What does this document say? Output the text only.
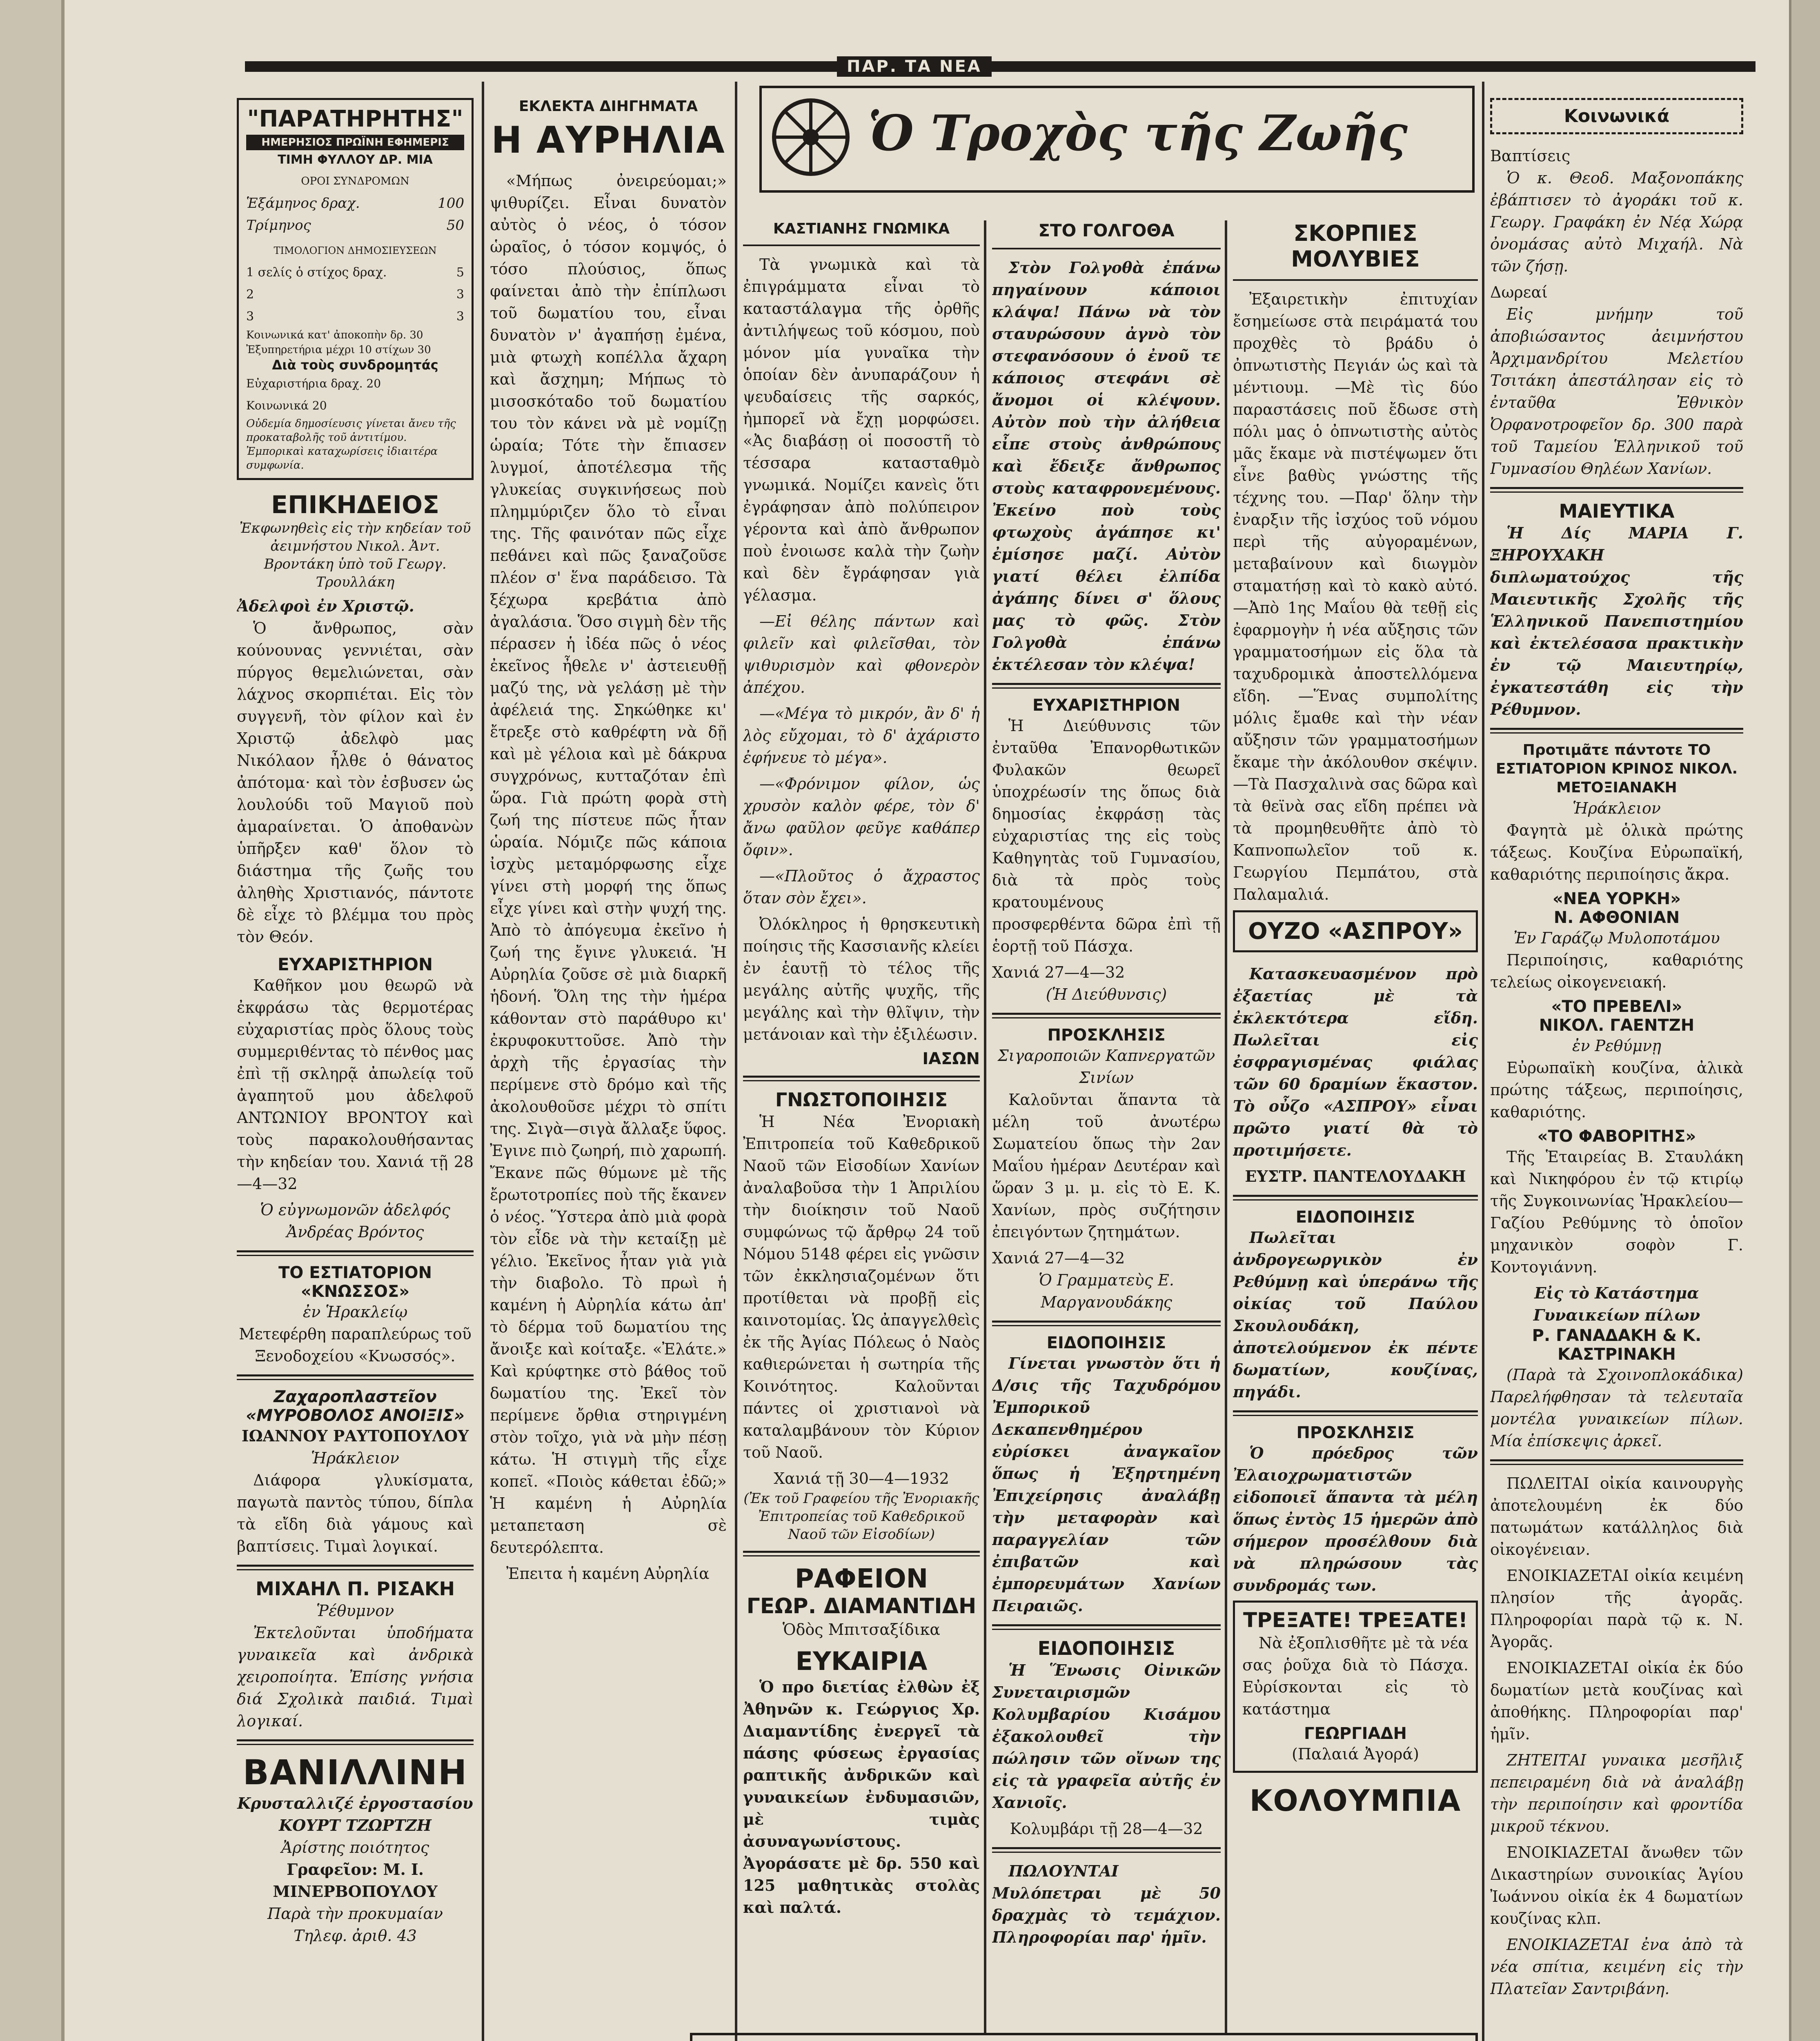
ΠΑΡ. ΤΑ ΝΕΑ
"ΠΑΡΑΤΗΡΗΤΗΣ"
ΗΜΕΡΗΣΙΟΣ ΠΡΩΪΝΗ ΕΦΗΜΕΡΙΣ
ΤΙΜΗ ΦΥΛΛΟΥ ΔΡ. ΜΙΑ
ΟΡΟΙ ΣΥΝΔΡΟΜΩΝ
Ἑξάμηνος δραχ.	100
Τρίμηνος	50
ΤΙΜΟΛΟΓΙΟΝ ΔΗΜΟΣΙΕΥΣΕΩΝ
1 σελίς ὁ στίχος δραχ.	5
2	3
3	3
Κοινωνικά κατ' ἀποκοπὴν δρ. 30
Ἐξυπηρετήρια μέχρι 10 στίχων 30
Διὰ τοὺς συνδρομητάς
Εὐχαριστήρια δραχ. 20
Κοινωνικά 20
Οὐδεμία δημοσίευσις γίνεται ἄνευ τῆς προκαταβολῆς τοῦ ἀντιτίμου. Ἐμπορικαὶ καταχωρίσεις ἰδιαιτέρα συμφωνία.
ΕΠΙΚΗΔΕΙΟΣ
Ἐκφωνηθεὶς εἰς τὴν κηδείαν τοῦ ἀειμνήστου Νικολ. Ἀντ. Βροντάκη ὑπὸ τοῦ Γεωργ. Τρουλλάκη
Ἀδελφοὶ ἐν Χριστῷ.

Ὁ ἄνθρωπος, σὰν κούνουνας γεννιέται, σὰν πύργος θεμελιώνεται, σὰν λάχνος σκορπιέται. Εἰς τὸν συγγενῆ, τὸν φίλον καὶ ἐν Χριστῷ ἀδελφὸ μας Νικόλαον ἦλθε ὁ θάνατος ἀπότομα· καὶ τὸν ἐσβυσεν ὡς λουλούδι τοῦ Μαγιοῦ ποὺ ἀμαραίνεται. Ὁ ἀποθανὼν ὑπῆρξεν καθ' ὅλον τὸ διάστημα τῆς ζωῆς του ἀληθὴς Χριστιανός, πάντοτε δὲ εἶχε τὸ βλέμμα του πρὸς τὸν Θεόν.

ΕΥΧΑΡΙΣΤΗΡΙΟΝ

Καθῆκον μου θεωρῶ νὰ ἐκφράσω τὰς θερμοτέρας εὐχαριστίας πρὸς ὅλους τοὺς συμμεριθέντας τὸ πένθος μας ἐπὶ τῇ σκληρᾷ ἀπωλείᾳ τοῦ ἀγαπητοῦ μου ἀδελφοῦ ΑΝΤΩΝΙΟΥ ΒΡΟΝΤΟΥ καὶ τοὺς παρακολουθήσαντας τὴν κηδείαν του. Χανιά τῇ 28—4—32

Ὁ εὐγνωμονῶν ἀδελφός Ἀνδρέας Βρόντος
ΤΟ ΕΣΤΙΑΤΟΡΙΟΝ «ΚΝΩΣΣΟΣ»
ἐν Ἡρακλείῳ
Μετεφέρθη παραπλεύρως τοῦ Ξενοδοχείου «Κνωσσός».
Ζαχαροπλαστεῖον «ΜΥΡΟΒΟΛΟΣ ΑΝΟΙΞΙΣ»
ΙΩΑΝΝΟΥ ΡΑΥΤΟΠΟΥΛΟΥ
Ἡράκλειον

Διάφορα γλυκίσματα, παγωτὰ παντὸς τύπου, δίπλα τὰ εἴδη διὰ γάμους καὶ βαπτίσεις. Τιμαὶ λογικαί.

ΜΙΧΑΗΛ Π. ΡΙΣΑΚΗ
Ῥέθυμνον

Ἐκτελοῦνται ὑποδήματα γυναικεῖα καὶ ἀνδρικὰ χειροποίητα. Ἐπίσης γνήσια διά Σχολικὰ παιδιά. Τιμαὶ λογικαί.

ΒΑΝΙΛΛΙΝΗ
Κρυσταλλιζέ ἐργοστασίου ΚΟΥΡΤ ΤΖΩΡΤΖΗ
Ἀρίστης ποιότητος
Γραφεῖον: Μ. Ι. ΜΙΝΕΡΒΟΠΟΥΛΟΥ
Παρὰ τὴν προκυμαίαν
Τηλεφ. ἀριθ. 43
ΕΚΛΕΚΤΑ ΔΙΗΓΗΜΑΤΑ
Η ΑΥΡΗΛΙΑ

«Μήπως ὀνειρεύομαι;» ψιθυρίζει. Εἶναι δυνατὸν αὐτὸς ὁ νέος, ὁ τόσον ὡραῖος, ὁ τόσον κομψός, ὁ τόσο πλούσιος, ὅπως φαίνεται ἀπὸ τὴν ἐπίπλωσι τοῦ δωματίου του, εἶναι δυνατὸν ν' ἀγαπήσῃ ἐμένα, μιὰ φτωχὴ κοπέλλα ἄχαρη καὶ ἄσχημη; Μήπως τὸ μισοσκόταδο τοῦ δωματίου του τὸν κάνει νὰ μὲ νομίζῃ ὡραία; Τότε τὴν ἔπιασεν λυγμοί, ἀποτέλεσμα τῆς γλυκείας συγκινήσεως ποὺ πλημμύριζεν ὅλο τὸ εἶναι της. Τῆς φαινόταν πῶς εἶχε πεθάνει καὶ πῶς ξαναζοῦσε πλέον σ' ἕνα παράδεισο. Τὰ ξέχωρα κρεβάτια ἀπὸ ἀγαλάσια. Ὅσο σιγμὴ δὲν τῆς πέρασεν ἡ ἰδέα πῶς ὁ νέος ἐκεῖνος ἦθελε ν' ἀστειευθῇ μαζύ της, νὰ γελάσῃ μὲ τὴν ἀφέλειά της. Σηκώθηκε κι' ἔτρεξε στὸ καθρέφτη νὰ δῇ καὶ μὲ γέλοια καὶ μὲ δάκρυα συγχρόνως, κυτταζόταν ἐπὶ ὥρα. Γιὰ πρώτη φορὰ στὴ ζωή της πίστευε πῶς ἦταν ὡραία. Νόμιζε πῶς κάποια ἰσχὺς μεταμόρφωσης εἶχε γίνει στὴ μορφή της ὅπως εἶχε γίνει καὶ στὴν ψυχή της. Ἀπὸ τὸ ἀπόγευμα ἐκεῖνο ἡ ζωή της ἔγινε γλυκειά. Ἡ Αὐρηλία ζοῦσε σὲ μιὰ διαρκῆ ἡδονή. Ὅλη της τὴν ἡμέρα κάθονταν στὸ παράθυρο κι' ἐκρυφοκυττοῦσε. Ἀπὸ τὴν ἀρχὴ τῆς ἐργασίας τὴν περίμενε στὸ δρόμο καὶ τῆς ἀκολουθοῦσε μέχρι τὸ σπίτι της. Σιγὰ—σιγὰ ἄλλαξε ὕφος. Ἐγινε πιὸ ζωηρή, πιὸ χαρωπή. Ἔκανε πῶς θύμωνε μὲ τῆς ἔρωτοτροπίες ποὺ τῆς ἔκανεν ὁ νέος. Ὕστερα ἀπὸ μιὰ φορὰ τὸν εἶδε νὰ τὴν κεταίξῃ μὲ γέλιο. Ἐκεῖνος ἦταν γιὰ γιὰ τὴν διαβολο. Τὸ πρωὶ ἡ καμένη ἡ Αὐρηλία κάτω ἀπ' τὸ δέρμα τοῦ δωματίου της ἄνοιξε καὶ κοίταξε. «Ἐλάτε.» Καὶ κρύφτηκε στὸ βάθος τοῦ δωματίου της. Ἐκεῖ τὸν περίμενε ὄρθια στηριγμένη στὸν τοῖχο, γιὰ νὰ μὴν πέσῃ κάτω. Ἡ στιγμὴ τῆς εἶχε κοπεῖ. «Ποιὸς κάθεται ἐδῶ;» Ἡ καμένη ἡ Αὐρηλία μεταπεταση σὲ δευτερόλεπτα.

Ἐπειτα ἡ καμένη Αὐρηλία

Ὁ Τροχὸς τῆς Ζωῆς
ΚΑΣΤΙΑΝΗΣ ΓΝΩΜΙΚΑ

Τὰ γνωμικὰ καὶ τὰ ἐπιγράμματα εἶναι τὸ καταστάλαγμα τῆς ὀρθῆς ἀντιλήψεως τοῦ κόσμου, ποὺ μόνον μία γυναῖκα τὴν ὁποίαν δὲν ἀνυπαράζουν ἡ ψευδαίσεις τῆς σαρκός, ἠμπορεῖ νὰ ἔχῃ μορφώσει. «Ἀς διαβάσῃ οἱ ποσοστῆ τὸ τέσσαρα κατασταθμὸ γνωμικά. Νομίζει κανεὶς ὅτι ἐγράφησαν ἀπὸ πολύπειρον γέροντα καὶ ἀπὸ ἄνθρωπον ποὺ ἐνοιωσε καλὰ τὴν ζωὴν καὶ δὲν ἔγράφησαν γιὰ γέλασμα.

—Εἰ θέλης πάντων καὶ φιλεῖν καὶ φιλεῖσθαι, τὸν ψιθυρισμὸν καὶ φθονερὸν ἀπέχου.

—«Μέγα τὸ μικρόν, ἂν δ' ἡ λὸς εὔχομαι, τὸ δ' ἀχάριστο ἐφήνευε τὸ μέγα».

—«Φρόνιμον φίλον, ὡς χρυσὸν καλὸν φέρε, τὸν δ' ἄνω φαῦλον φεῦγε καθάπερ ὄφιν».

—«Πλοῦτος ὁ ἄχραστος ὅταν σὸν ἔχει».

Ὀλόκληρος ἡ θρησκευτικὴ ποίησις τῆς Κασσιανῆς κλείει ἐν ἑαυτῇ τὸ τέλος τῆς μεγάλης αὐτῆς ψυχῆς, τῆς μεγάλης καὶ τὴν θλῖψιν, τὴν μετάνοιαν καὶ τὴν ἐξιλέωσιν.

ΙΑΣΩΝ
ΓΝΩΣΤΟΠΟΙΗΣΙΣ

Ἡ Νέα Ἐνοριακὴ Ἐπιτροπεία τοῦ Καθεδρικοῦ Ναοῦ τῶν Εἰσοδίων Χανίων ἀναλαβοῦσα τὴν 1 Ἀπριλίου τὴν διοίκησιν τοῦ Ναοῦ συμφώνως τῷ ἄρθρῳ 24 τοῦ Νόμου 5148 φέρει εἰς γνῶσιν τῶν ἐκκλησιαζομένων ὅτι προτίθεται νὰ προβῇ εἰς καινοτομίας. Ὡς ἀπαγγελθεὶς ἐκ τῆς Ἀγίας Πόλεως ὁ Ναὸς καθιερώνεται ἡ σωτηρία τῆς Κοινότητος. Καλοῦνται πάντες οἱ χριστιανοὶ νὰ καταλαμβάνουν τὸν Κύριον τοῦ Ναοῦ.

Χανιά τῇ 30—4—1932
(Ἐκ τοῦ Γραφείου τῆς Ἐνοριακῆς Ἐπιτροπείας τοῦ Καθεδρικοῦ Ναοῦ τῶν Εἰσοδίων)
ΡΑΦΕΙΟΝ
ΓΕΩΡ. ΔΙΑΜΑΝΤΙΔΗ
Ὁδὸς Μπιτσαξίδικα
ΕΥΚΑΙΡΙΑ

Ὁ προ διετίας ἐλθὼν ἐξ Ἀθηνῶν κ. Γεώργιος Χρ. Διαμαντίδης ἐνεργεῖ τὰ πάσης φύσεως ἐργασίας ραπτικῆς ἀνδρικῶν καὶ γυναικείων ἐνδυμασιῶν, μὲ τιμὰς ἀσυναγωνίστους. Ἀγοράσατε μὲ δρ. 550 καὶ 125 μαθητικὰς στολὰς καὶ παλτά.

ΣΤΟ ΓΟΛΓΟΘΑ

Στὸν Γολγοθὰ ἐπάνω πηγαίνουν κάποιοι κλάψα! Πάνω νὰ τὸν σταυρώσουν ἀγνὸ τὸν στεφανόσουν ὁ ἐνοῦ τε κάποιος στεφάνι σὲ ἄνομοι οἱ κλέψουν. Αὐτὸν ποὺ τὴν ἀλήθεια εἶπε στοὺς ἀνθρώπους καὶ ἔδειξε ἄνθρωπος στοὺς καταφρονεμένους. Ἐκείνο ποὺ τοὺς φτωχοὺς ἀγάπησε κι' ἐμίσησε μαζί. Αὐτὸν γιατί θέλει ἐλπίδα ἀγάπης δίνει σ' ὅλους μας τὸ φῶς. Στὸν Γολγοθὰ ἐπάνω ἐκτέλεσαν τὸν κλέψα!

ΕΥΧΑΡΙΣΤΗΡΙΟΝ

Ἡ Διεύθυνσις τῶν ἐνταῦθα Ἐπανορθωτικῶν Φυλακῶν θεωρεῖ ὑποχρέωσίν της ὅπως διὰ δημοσίας ἐκφράσῃ τὰς εὐχαριστίας της εἰς τοὺς Καθηγητὰς τοῦ Γυμνασίου, διὰ τὰ πρὸς τοὺς κρατουμένους προσφερθέντα δῶρα ἐπὶ τῇ ἑορτῇ τοῦ Πάσχα.

Χανιά 27—4—32
(Ἡ Διεύθυνσις)
ΠΡΟΣΚΛΗΣΙΣ
Σιγαροποιῶν Καπνεργατῶν Σινίων

Καλοῦνται ἅπαντα τὰ μέλη τοῦ ἀνωτέρω Σωματείου ὅπως τὴν 2αν Μαΐου ἡμέραν Δευτέραν καὶ ὥραν 3 μ. μ. εἰς τὸ Ε. Κ. Χανίων, πρὸς συζήτησιν ἐπειγόντων ζητημάτων.

Χανιά 27—4—32
Ὁ Γραμματεὺς Ε. Μαργανουδάκης
ΕΙΔΟΠΟΙΗΣΙΣ

Γίνεται γνωστὸν ὅτι ἡ Δ/σις τῆς Ταχυδρόμου Ἐμπορικοῦ Δεκαπενθημέρου εὐρίσκει ἀναγκαῖον ὅπως ἡ Ἐξηρτημένη Ἐπιχείρησις ἀναλάβῃ τὴν μεταφορὰν καὶ παραγγελίαν τῶν ἐπιβατῶν καὶ ἐμπορευμάτων Χανίων Πειραιῶς.

ΕΙΔΟΠΟΙΗΣΙΣ

Ἡ Ἕνωσις Οἰνικῶν Συνεταιρισμῶν Κολυμβαρίου Κισάμου ἐξακολουθεῖ τὴν πώλησιν τῶν οἴνων της εἰς τὰ γραφεῖα αὐτῆς ἐν Χανιοῖς.

Κολυμβάρι τῇ 28—4—32

ΠΩΛΟΥΝΤΑΙ Μυλόπετραι μὲ 50 δραχμὰς τὸ τεμάχιον. Πληροφορίαι παρ' ἡμῖν.

ΣΚΟΡΠΙΕΣ ΜΟΛΥΒΙΕΣ

Ἐξαιρετικὴν ἐπιτυχίαν ἔσημείωσε στὰ πειράματά του προχθὲς τὸ βράδυ ὁ ὀπνωτιστὴς Πεγιάν ὡς καὶ τὰ μέντιουμ. —Μὲ τὶς δύο παραστάσεις ποῦ ἔδωσε στὴ πόλι μας ὁ ὀπνωτιστὴς αὐτὸς μᾶς ἔκαμε νὰ πιστέψωμεν ὅτι εἶνε βαθὺς γνώστης τῆς τέχνης του. —Παρ' ὅλην τὴν ἐναρξιν τῆς ἰσχύος τοῦ νόμου περὶ τῆς αὐγοραμένων, μεταβαίνουν καὶ διωγμὸν σταματήσῃ καὶ τὸ κακὸ αὐτό. —Ἀπὸ 1ης Μαΐου θὰ τεθῇ εἰς ἐφαρμογὴν ἡ νέα αὔξησις τῶν γραμματοσήμων εἰς ὅλα τὰ ταχυδρομικὰ ἀποστελλόμενα εἴδη. —Ἕνας συμπολίτης μόλις ἔμαθε καὶ τὴν νέαν αὔξησιν τῶν γραμματοσήμων ἔκαμε τὴν ἀκόλουθον σκέψιν. —Τὰ Πασχαλινὰ σας δῶρα καὶ τὰ θεϊνὰ σας εἴδη πρέπει νὰ τὰ προμηθευθῆτε ἀπὸ τὸ Καπνοπωλεῖον τοῦ κ. Γεωργίου Πεμπάτου, στὰ Παλαμαλιά.

ΟΥΖΟ «ΑΣΠΡΟΥ»

Κατασκευασμένον πρὸ ἐξαετίας μὲ τὰ ἐκλεκτότερα εἴδη. Πωλεῖται εἰς ἐσφραγισμένας φιάλας τῶν 60 δραμίων ἕκαστον. Τὸ οὖζο «ΑΣΠΡΟΥ» εἶναι πρῶτο γιατί θὰ τὸ προτιμήσετε.

ΕΥΣΤΡ. ΠΑΝΤΕΛΟΥΔΑΚΗ
ΕΙΔΟΠΟΙΗΣΙΣ

Πωλεῖται ἀνδρογεωργικὸν ἐν Ρεθύμνῃ καὶ ὑπεράνω τῆς οἰκίας τοῦ Παύλου Σκουλουδάκη, ἀποτελούμενον ἐκ πέντε δωματίων, κουζίνας, πηγάδι.

ΠΡΟΣΚΛΗΣΙΣ

Ὁ πρόεδρος τῶν Ἐλαιοχρωματιστῶν εἰδοποιεῖ ἅπαντα τὰ μέλη ὅπως ἐντὸς 15 ἡμερῶν ἀπὸ σήμερον προσέλθουν διὰ νὰ πληρώσουν τὰς συνδρομάς των.

ΤΡΕΞΑΤΕ! ΤΡΕΞΑΤΕ!

Νὰ ἐξοπλισθῆτε μὲ τὰ νέα σας ῥοῦχα διὰ τὸ Πάσχα. Εὐρίσκονται εἰς τὸ κατάστημα

ΓΕΩΡΓΙΑΔΗ
(Παλαιά Ἀγορά)
ΚΟΛΟΥΜΠΙΑ
Κοινωνικά
Βαπτίσεις

Ὁ κ. Θεοδ. Μαξονοπάκης ἐβάπτισεν τὸ ἀγοράκι τοῦ κ. Γεωργ. Γραφάκη ἐν Νέᾳ Χώρᾳ ὀνομάσας αὐτὸ Μιχαήλ. Νὰ τῶν ζήσῃ.

Δωρεαί

Εἰς μνήμην τοῦ ἀποβιώσαντος ἀειμνήστου Ἀρχιμανδρίτου Μελετίου Τσιτάκη ἀπεστάλησαν εἰς τὸ ἐνταῦθα Ἐθνικὸν Ὀρφανοτροφεῖον δρ. 300 παρὰ τοῦ Ταμείου Ἑλληνικοῦ τοῦ Γυμνασίου Θηλέων Χανίων.

ΜΑΙΕΥΤΙΚΑ

Ἡ Δίς ΜΑΡΙΑ Γ. ΞΗΡΟΥΧΑΚΗ διπλωματούχος τῆς Μαιευτικῆς Σχολῆς τῆς Ἑλληνικοῦ Πανεπιστημίου καὶ ἐκτελέσασα πρακτικὴν ἐν τῷ Μαιευτηρίῳ, ἐγκατεστάθη εἰς τὴν Ρέθυμνον.

Προτιμᾶτε πάντοτε ΤΟ ΕΣΤΙΑΤΟΡΙΟΝ ΚΡΙΝΟΣ ΝΙΚΟΛ. ΜΕΤΟΞΙΑΝΑΚΗ
Ἡράκλειον

Φαγητὰ μὲ ὁλικὰ πρώτης τάξεως. Κουζίνα Εὐρωπαϊκή, καθαριότης περιποίησις ἄκρα.

«ΝΕΑ ΥΟΡΚΗ»
Ν. ΑΦΘΟΝΙΑΝ
Ἐν Γαράζῳ Μυλοποτάμου

Περιποίησις, καθαριότης τελείως οἰκογενειακή.

«ΤΟ ΠΡΕΒΕΛΙ»
ΝΙΚΟΛ. ΓΑΕΝΤΖΗ
ἐν Ρεθύμνῃ

Εὐρωπαϊκὴ κουζίνα, ἀλικὰ πρώτης τάξεως, περιποίησις, καθαριότης.

«ΤΟ ΦΑΒΟΡΙΤΗΣ»

Τῆς Ἑταιρείας Β. Σταυλάκη καὶ Νικηφόρου ἐν τῷ κτιρίῳ τῆς Συγκοινωνίας Ἡρακλείου—Γαζίου Ρεθύμνης τὸ ὁποῖον μηχανικὸν σοφὸν Γ. Κοντογιάννη.

Εἰς τὸ Κατάστημα Γυναικείων πίλων
Ρ. ΓΑΝΑΔΑΚΗ & Κ. ΚΑΣΤΡΙΝΑΚΗ

(Παρὰ τὰ Σχοινοπλοκάδικα) Παρελήφθησαν τὰ τελευταῖα μοντέλα γυναικείων πίλων. Μία ἐπίσκεψις ἀρκεῖ.

ΠΩΛΕΙΤΑΙ οἰκία καινουργὴς ἀποτελουμένη ἐκ δύο πατωμάτων κατάλληλος διὰ οἰκογένειαν.

ΕΝΟΙΚΙΑΖΕΤΑΙ οἰκία κειμένη πλησίον τῆς ἀγορᾶς. Πληροφορίαι παρὰ τῷ κ. Ν. Ἀγορᾶς.

ΕΝΟΙΚΙΑΖΕΤΑΙ οἰκία ἐκ δύο δωματίων μετὰ κουζίνας καὶ ἀποθήκης. Πληροφορίαι παρ' ἡμῖν.

ΖΗΤΕΙΤΑΙ γυναικα μεσῆλιξ πεπειραμένη διὰ νὰ ἀναλάβῃ τὴν περιποίησιν καὶ φροντίδα μικροῦ τέκνου.

ΕΝΟΙΚΙΑΖΕΤΑΙ ἄνωθεν τῶν Δικαστηρίων συνοικίας Ἁγίου Ἰωάννου οἰκία ἐκ 4 δωματίων κουζίνας κλπ.

ΕΝΟΙΚΙΑΖΕΤΑΙ ἐνα ἀπὸ τὰ νέα σπίτια, κειμένη εἰς τὴν Πλατεῖαν Σαντριβάνη.
